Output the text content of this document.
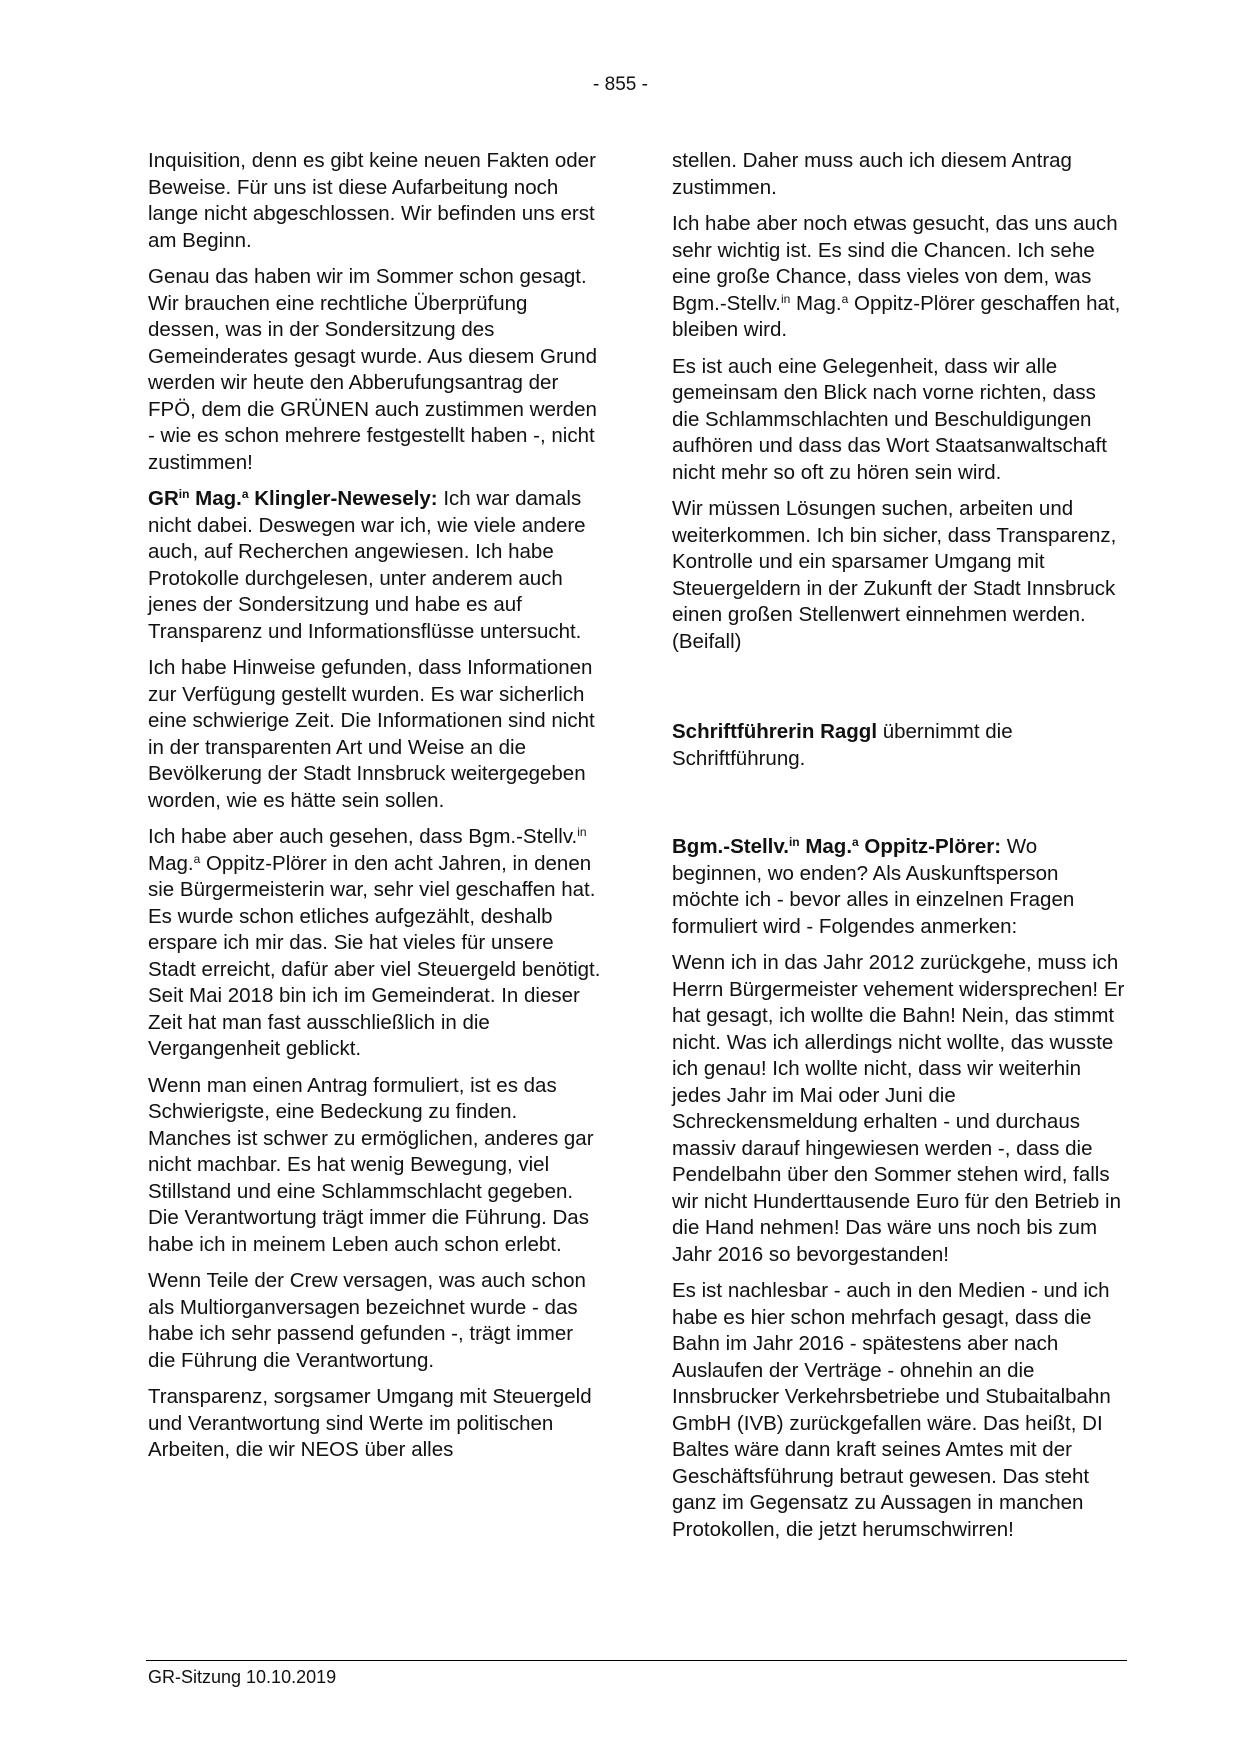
- 855 -

Inquisition, denn es gibt keine neuen Fakten oder Beweise. Für uns ist diese Aufarbeitung noch lange nicht abgeschlossen. Wir befinden uns erst am Beginn.

Genau das haben wir im Sommer schon gesagt. Wir brauchen eine rechtliche Überprüfung dessen, was in der Sondersitzung des Gemeinderates gesagt wurde. Aus diesem Grund werden wir heute den Abberufungsantrag der FPÖ, dem die GRÜNEN auch zustimmen werden - wie es schon mehrere festgestellt haben -, nicht zustimmen!

$GR^{in}$ Mag.$^a$ Klingler-Newesely: Ich war damals nicht dabei. Deswegen war ich, wie viele andere auch, auf Recherchen angewiesen. Ich habe Protokolle durchgelesen, unter anderem auch jenes der Sondersitzung und habe es auf Transparenz und Informationsflüsse untersucht.

Ich habe Hinweise gefunden, dass Informationen zur Verfügung gestellt wurden. Es war sicherlich eine schwierige Zeit. Die Informationen sind nicht in der transparenten Art und Weise an die Bevölkerung der Stadt Innsbruck weitergegeben worden, wie es hätte sein sollen.

Ich habe aber auch gesehen, dass Bgm.-Stellv.$^{in}$ Mag.$^a$ Oppitz-Plörer in den acht Jahren, in denen sie Bürgermeisterin war, sehr viel geschaffen hat. Es wurde schon etliches aufgezählt, deshalb erspare ich mir das. Sie hat vieles für unsere Stadt erreicht, dafür aber viel Steuergeld benötigt. Seit Mai 2018 bin ich im Gemeinderat. In dieser Zeit hat man fast ausschließlich in die Vergangenheit geblickt.

Wenn man einen Antrag formuliert, ist es das Schwierigste, eine Bedeckung zu finden. Manches ist schwer zu ermöglichen, anderes gar nicht machbar. Es hat wenig Bewegung, viel Stillstand und eine Schlammschlacht gegeben. Die Verantwortung trägt immer die Führung. Das habe ich in meinem Leben auch schon erlebt.

Wenn Teile der Crew versagen, was auch schon als Multiorganversagen bezeichnet wurde - das habe ich sehr passend gefunden -, trägt immer die Führung die Verantwortung.

Transparenz, sorgsamer Umgang mit Steuergeld und Verantwortung sind Werte im politischen Arbeiten, die wir NEOS über alles

stellen. Daher muss auch ich diesem Antrag zustimmen.

Ich habe aber noch etwas gesucht, das uns auch sehr wichtig ist. Es sind die Chancen. Ich sehe eine große Chance, dass vieles von dem, was Bgm.-Stellv.$^{in}$ Mag.$^a$ Oppitz-Plörer geschaffen hat, bleiben wird.

Es ist auch eine Gelegenheit, dass wir alle gemeinsam den Blick nach vorne richten, dass die Schlammschlachten und Beschuldigungen aufhören und dass das Wort Staatsanwaltschaft nicht mehr so oft zu hören sein wird.

Wir müssen Lösungen suchen, arbeiten und weiterkommen. Ich bin sicher, dass Transparenz, Kontrolle und ein sparsamer Umgang mit Steuergeldern in der Zukunft der Stadt Innsbruck einen großen Stellenwert einnehmen werden. (Beifall)

Schriftführerin Raggl übernimmt die Schriftführung.

Bgm.-Stellv.$^{in}$ Mag.$^a$ Oppitz-Plörer: Wo beginnen, wo enden? Als Auskunftsperson möchte ich - bevor alles in einzelnen Fragen formuliert wird - Folgendes anmerken:

Wenn ich in das Jahr 2012 zurückgehe, muss ich Herrn Bürgermeister vehement widersprechen! Er hat gesagt, ich wollte die Bahn! Nein, das stimmt nicht. Was ich allerdings nicht wollte, das wusste ich genau! Ich wollte nicht, dass wir weiterhin jedes Jahr im Mai oder Juni die Schreckensmeldung erhalten - und durchaus massiv darauf hingewiesen werden -, dass die Pendelbahn über den Sommer stehen wird, falls wir nicht Hunderttausende Euro für den Betrieb in die Hand nehmen! Das wäre uns noch bis zum Jahr 2016 so bevorgestanden!

Es ist nachlesbar - auch in den Medien - und ich habe es hier schon mehrfach gesagt, dass die Bahn im Jahr 2016 - spätestens aber nach Auslaufen der Verträge - ohnehin an die Innsbrucker Verkehrsbetriebe und Stubaitalbahn GmbH (IVB) zurückgefallen wäre. Das heißt, DI Baltes wäre dann kraft seines Amtes mit der Geschäftsführung betraut gewesen. Das steht ganz im Gegensatz zu Aussagen in manchen Protokollen, die jetzt herumschwirren!

GR-Sitzung 10.10.2019
